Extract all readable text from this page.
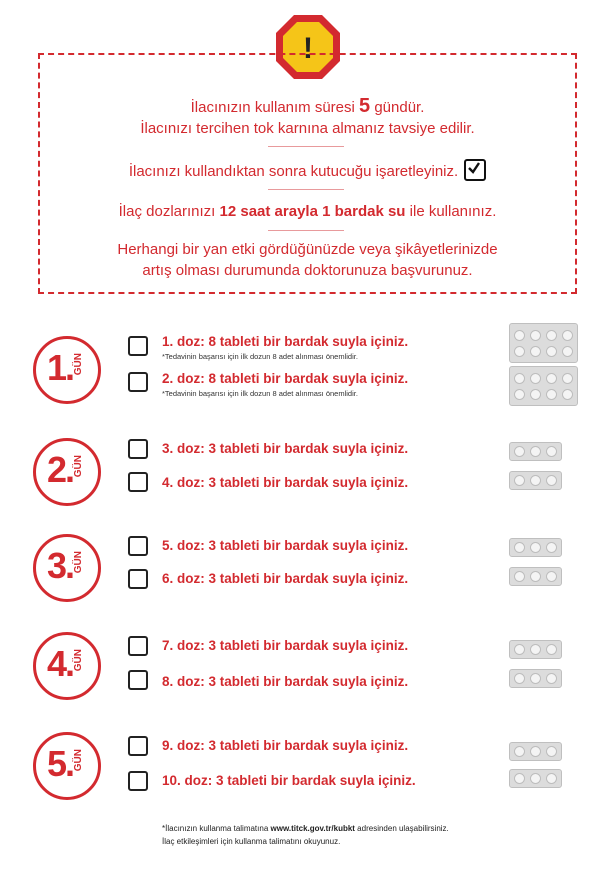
!
İlacınızın kullanım süresi 5 gündür.
İlacınızı tercihen tok karnına almanız tavsiye edilir.
İlacınızı kullandıktan sonra kutucuğu işaretleyiniz.
İlaç dozlarınızı 12 saat arayla 1 bardak su ile kullanınız.
Herhangi bir yan etki gördüğünüzde veya şikâyetlerinizde
artış olması durumunda doktorunuza başvurunuz.
1. GÜN
1. doz: 8 tableti bir bardak suyla içiniz.
*Tedavinin başarısı için ilk dozun 8 adet alınması önemlidir.
2. doz: 8 tableti bir bardak suyla içiniz.
*Tedavinin başarısı için ilk dozun 8 adet alınması önemlidir.
2. GÜN
3. doz: 3 tableti bir bardak suyla içiniz.
4. doz: 3 tableti bir bardak suyla içiniz.
3. GÜN
5. doz: 3 tableti bir bardak suyla içiniz.
6. doz: 3 tableti bir bardak suyla içiniz.
4. GÜN
7. doz: 3 tableti bir bardak suyla içiniz.
8. doz: 3 tableti bir bardak suyla içiniz.
5. GÜN
9. doz: 3 tableti bir bardak suyla içiniz.
10. doz: 3 tableti bir bardak suyla içiniz.
*İlacınızın kullanma talimatına www.titck.gov.tr/kubkt adresinden ulaşabilirsiniz.
İlaç etkileşimleri için kullanma talimatını okuyunuz.
